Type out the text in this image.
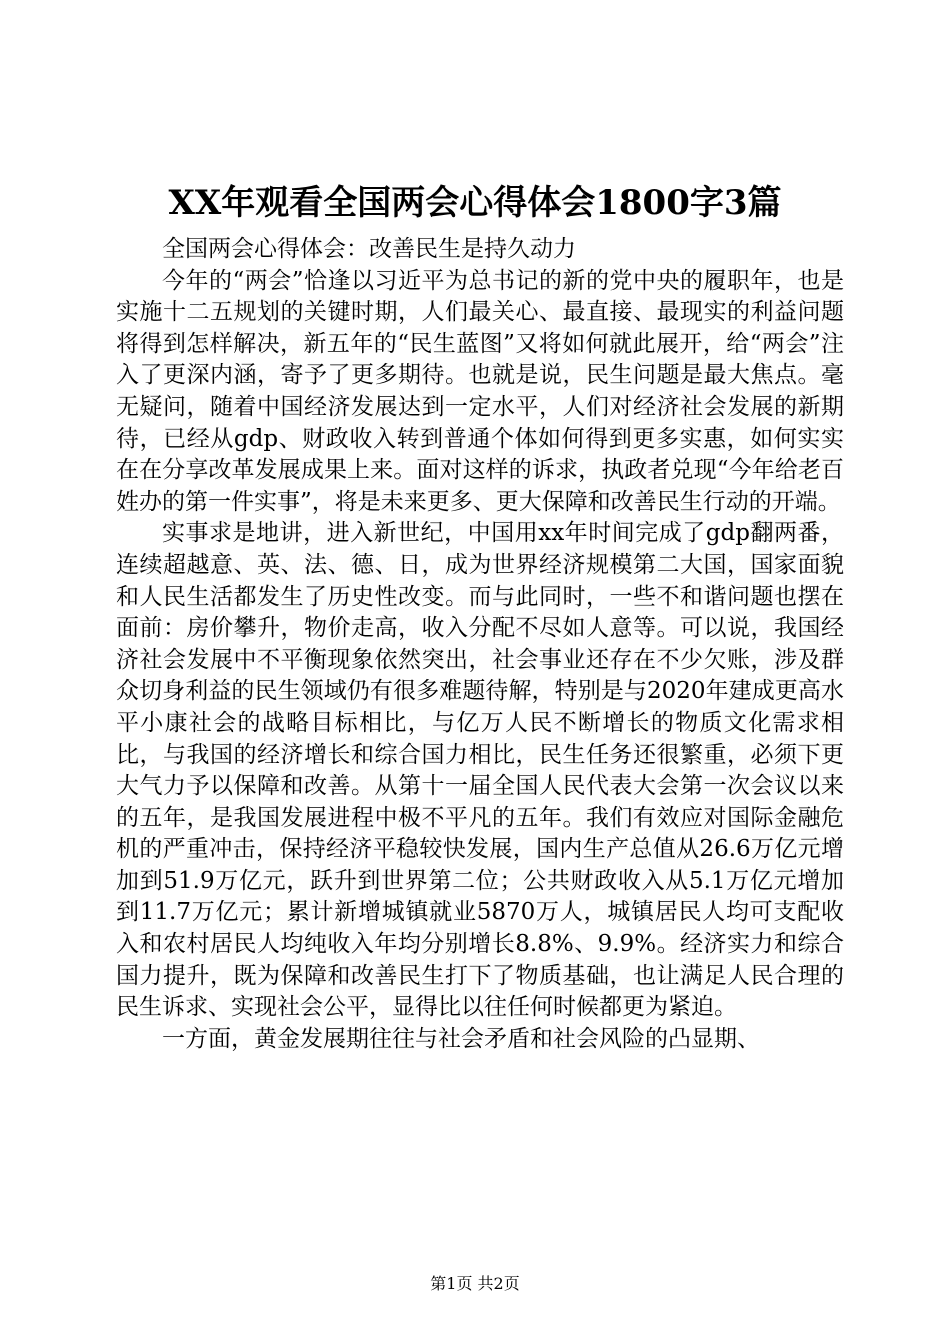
XX年观看全国两会心得体会1800字3篇

全国两会心得体会：改善民生是持久动力

今年的“两会”恰逢以习近平为总书记的新的党中央的履职年，也是实施十二五规划的关键时期，人们最关心、最直接、最现实的利益问题将得到怎样解决，新五年的“民生蓝图”又将如何就此展开，给“两会”注入了更深内涵，寄予了更多期待。也就是说，民生问题是最大焦点。毫无疑问，随着中国经济发展达到一定水平，人们对经济社会发展的新期待，已经从gdp、财政收入转到普通个体如何得到更多实惠，如何实实在在分享改革发展成果上来。面对这样的诉求，执政者兑现“今年给老百姓办的第一件实事”，将是未来更多、更大保障和改善民生行动的开端。

实事求是地讲，进入新世纪，中国用xx年时间完成了gdp翻两番，连续超越意、英、法、德、日，成为世界经济规模第二大国，国家面貌和人民生活都发生了历史性改变。而与此同时，一些不和谐问题也摆在面前：房价攀升，物价走高，收入分配不尽如人意等。可以说，我国经济社会发展中不平衡现象依然突出，社会事业还存在不少欠账，涉及群众切身利益的民生领域仍有很多难题待解，特别是与2020年建成更高水平小康社会的战略目标相比，与亿万人民不断增长的物质文化需求相比，与我国的经济增长和综合国力相比，民生任务还很繁重，必须下更大气力予以保障和改善。从第十一届全国人民代表大会第一次会议以来的五年，是我国发展进程中极不平凡的五年。我们有效应对国际金融危机的严重冲击，保持经济平稳较快发展，国内生产总值从26.6万亿元增加到51.9万亿元，跃升到世界第二位；公共财政收入从5.1万亿元增加到11.7万亿元；累计新增城镇就业5870万人，城镇居民人均可支配收入和农村居民人均纯收入年均分别增长8.8%、9.9%。经济实力和综合国力提升，既为保障和改善民生打下了物质基础，也让满足人民合理的民生诉求、实现社会公平，显得比以往任何时候都更为紧迫。

一方面，黄金发展期往往与社会矛盾和社会风险的凸显期、

第1页 共2页
